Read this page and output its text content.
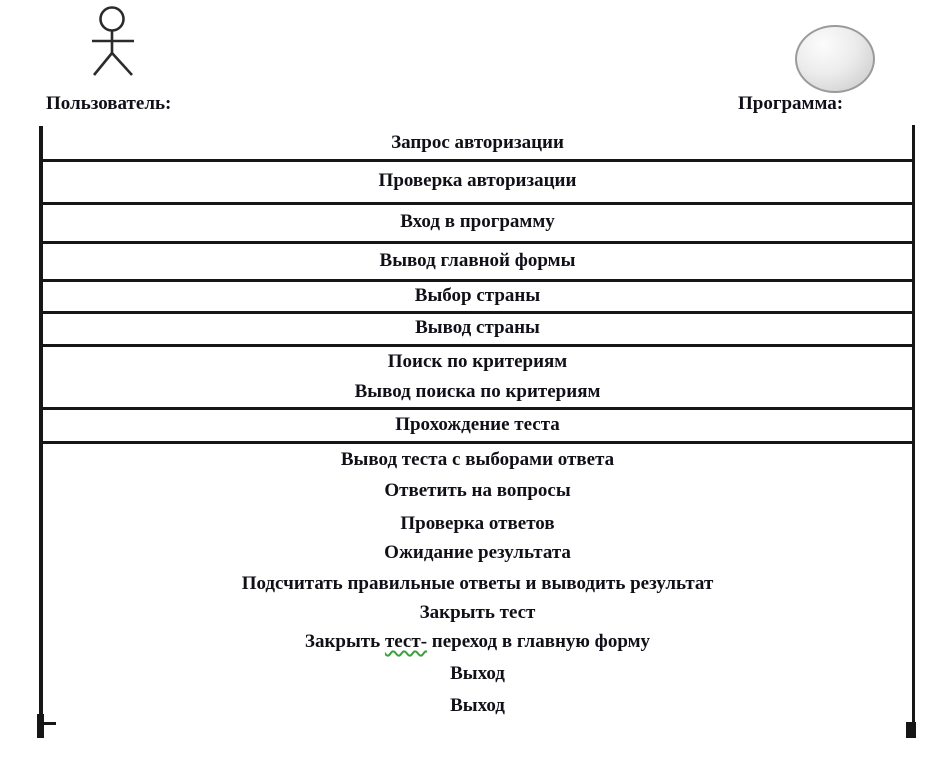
Пользователь:	Программа:
Запрос авторизации
Проверка авторизации
Вход в программу
Вывод главной формы
Выбор страны
Вывод страны
Поиск по критериям
Вывод поиска по критериям
Прохождение теста
Вывод теста с выборами ответа
Ответить на вопросы
Проверка ответов
Ожидание результата
Подсчитать правильные ответы и выводить результат
Закрыть тест
Закрыть тест- переход в главную форму
Выход
Выход
